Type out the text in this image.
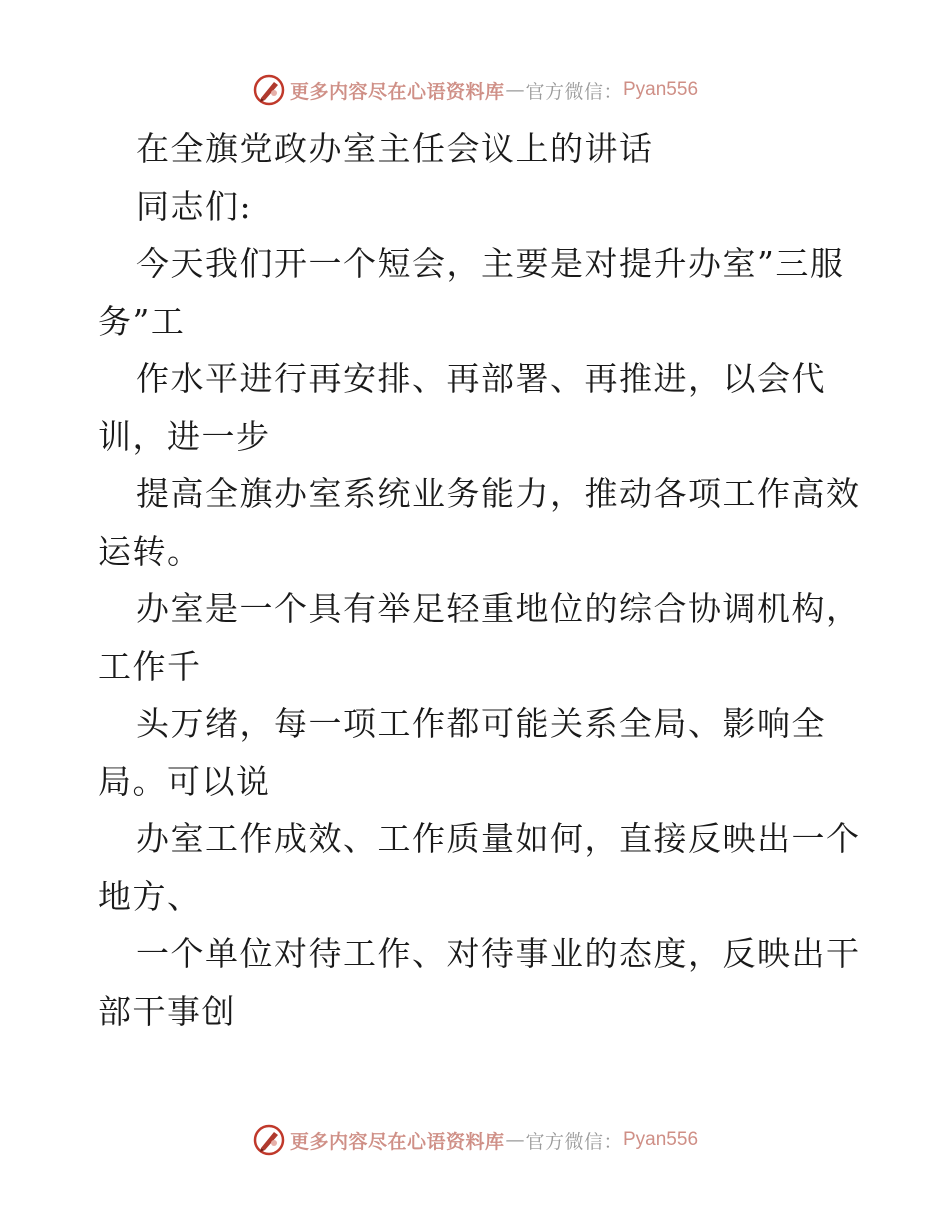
更多内容尽在心语资料库 — 官方微信： Pyan556
在全旗党政办室主任会议上的讲话
同志们:
今天我们开一个短会，主要是对提升办室”三服
务”工
作水平进行再安排、再部署、再推进，以会代
训，进一步
提高全旗办室系统业务能力，推动各项工作高效
运转。
办室是一个具有举足轻重地位的综合协调机构，
工作千
头万绪，每一项工作都可能关系全局、影响全
局。可以说
办室工作成效、工作质量如何，直接反映出一个
地方、
一个单位对待工作、对待事业的态度，反映出干
部干事创
更多内容尽在心语资料库 — 官方微信： Pyan556
